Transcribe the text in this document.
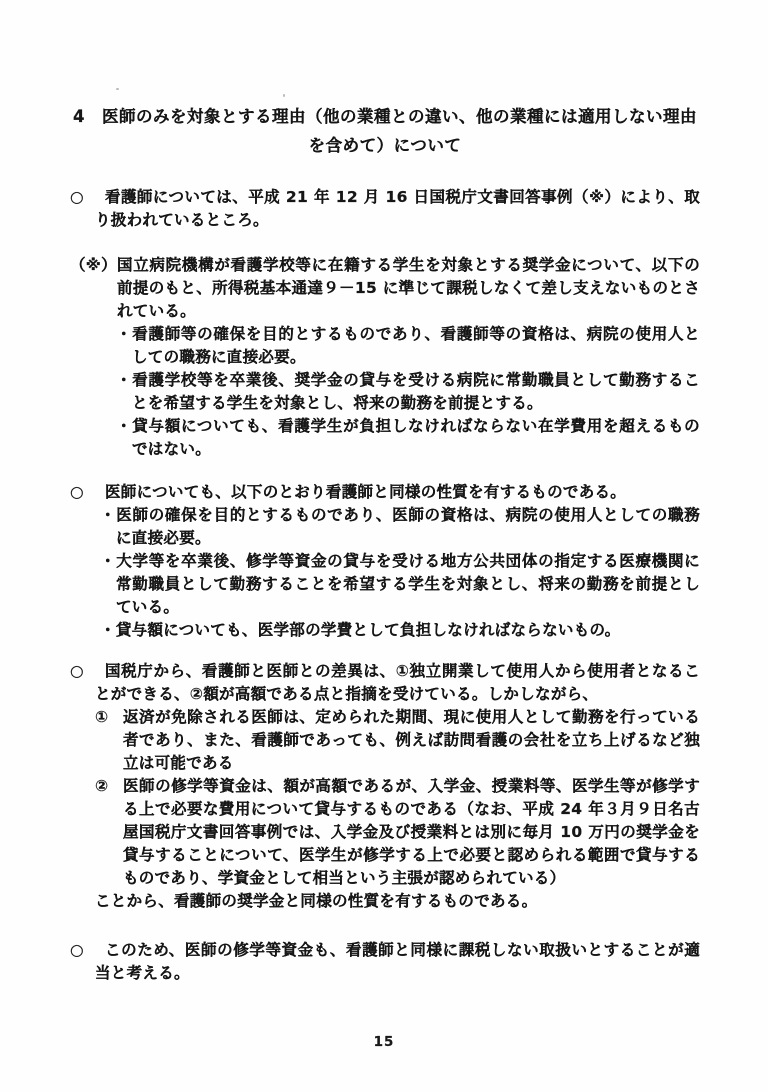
4　医師のみを対象とする理由（他の業種との違い、他の業種には適用しない理由
を含めて）について
○	看護師については、平成 21 年 12 月 16 日国税庁文書回答事例（※）により、取り扱われているところ。
（※） 国立病院機構が看護学校等に在籍する学生を対象とする奨学金について、以下の前提のもと、所得税基本通達９－15 に準じて課税しなくて差し支えないものとされている。
・看護師等の確保を目的とするものであり、看護師等の資格は、病院の使用人としての職務に直接必要。
・看護学校等を卒業後、奨学金の貸与を受ける病院に常勤職員として勤務することを希望する学生を対象とし、将来の勤務を前提とする。
・貸与額についても、看護学生が負担しなければならない在学費用を超えるものではない。
○	医師についても、以下のとおり看護師と同様の性質を有するものである。
・医師の確保を目的とするものであり、医師の資格は、病院の使用人としての職務に直接必要。
・大学等を卒業後、修学等資金の貸与を受ける地方公共団体の指定する医療機関に常勤職員として勤務することを希望する学生を対象とし、将来の勤務を前提としている。
・貸与額についても、医学部の学費として負担しなければならないもの。
○	国税庁から、看護師と医師との差異は、①独立開業して使用人から使用者となることができる、②額が高額である点と指摘を受けている。しかしながら、
① 返済が免除される医師は、定められた期間、現に使用人として勤務を行っている者であり、また、看護師であっても、例えば訪問看護の会社を立ち上げるなど独立は可能である
② 医師の修学等資金は、額が高額であるが、入学金、授業料等、医学生等が修学する上で必要な費用について貸与するものである（なお、平成 24 年３月９日名古屋国税庁文書回答事例では、入学金及び授業料とは別に毎月 10 万円の奨学金を貸与することについて、医学生が修学する上で必要と認められる範囲で貸与するものであり、学資金として相当という主張が認められている）
ことから、看護師の奨学金と同様の性質を有するものである。
○	このため、医師の修学等資金も、看護師と同様に課税しない取扱いとすることが適当と考える。
15
